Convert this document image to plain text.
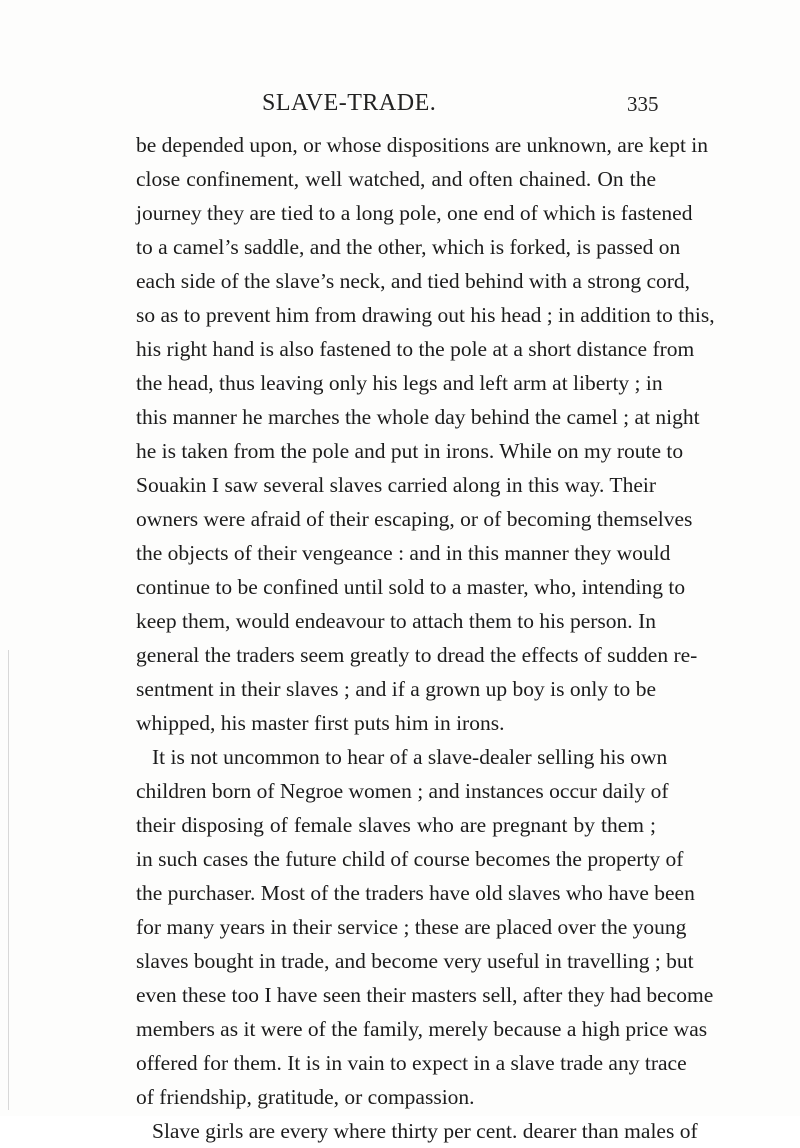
SLAVE-TRADE.	335
be depended upon, or whose dispositions are unknown, are kept in
close confinement, well watched, and often chained. On the
journey they are tied to a long pole, one end of which is fastened
to a camel’s saddle, and the other, which is forked, is passed on
each side of the slave’s neck, and tied behind with a strong cord,
so as to prevent him from drawing out his head ; in addition to this,
his right hand is also fastened to the pole at a short distance from
the head, thus leaving only his legs and left arm at liberty ; in
this manner he marches the whole day behind the camel ; at night
he is taken from the pole and put in irons. While on my route to
Souakin I saw several slaves carried along in this way. Their
owners were afraid of their escaping, or of becoming themselves
the objects of their vengeance : and in this manner they would
continue to be confined until sold to a master, who, intending to
keep them, would endeavour to attach them to his person. In
general the traders seem greatly to dread the effects of sudden re-
sentment in their slaves ; and if a grown up boy is only to be
whipped, his master first puts him in irons.
It is not uncommon to hear of a slave-dealer selling his own
children born of Negroe women ; and instances occur daily of
their disposing of female slaves who are pregnant by them ;
in such cases the future child of course becomes the property of
the purchaser. Most of the traders have old slaves who have been
for many years in their service ; these are placed over the young
slaves bought in trade, and become very useful in travelling ; but
even these too I have seen their masters sell, after they had become
members as it were of the family, merely because a high price was
offered for them. It is in vain to expect in a slave trade any trace
of friendship, gratitude, or compassion.
Slave girls are every where thirty per cent. dearer than males of
